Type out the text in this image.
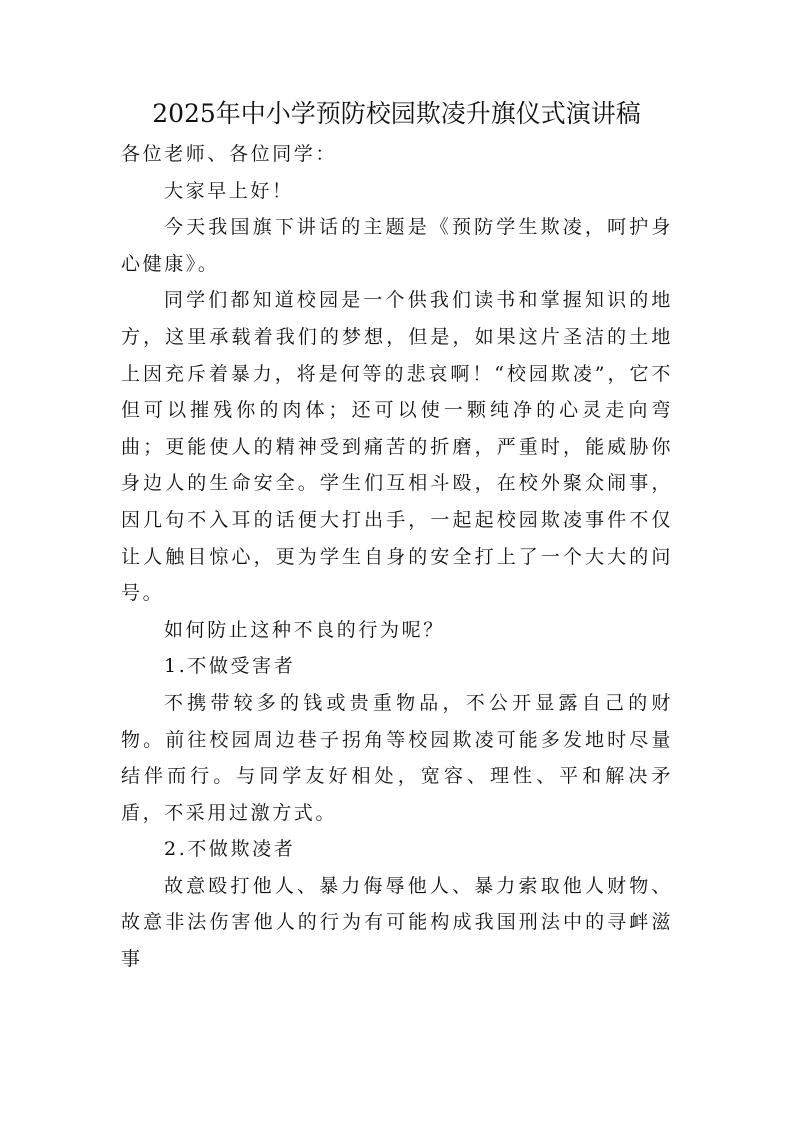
2025年中小学预防校园欺凌升旗仪式演讲稿

各位老师、各位同学：

大家早上好！

今天我国旗下讲话的主题是《预防学生欺凌，呵护身心健康》。

同学们都知道校园是一个供我们读书和掌握知识的地方，这里承载着我们的梦想，但是，如果这片圣洁的土地上因充斥着暴力，将是何等的悲哀啊！“校园欺凌”，它不但可以摧残你的肉体；还可以使一颗纯净的心灵走向弯曲；更能使人的精神受到痛苦的折磨，严重时，能威胁你身边人的生命安全。学生们互相斗殴，在校外聚众闹事，因几句不入耳的话便大打出手，一起起校园欺凌事件不仅让人触目惊心，更为学生自身的安全打上了一个大大的问号。

如何防止这种不良的行为呢？

1.不做受害者

不携带较多的钱或贵重物品，不公开显露自己的财物。前往校园周边巷子拐角等校园欺凌可能多发地时尽量结伴而行。与同学友好相处，宽容、理性、平和解决矛盾，不采用过激方式。

2.不做欺凌者

故意殴打他人、暴力侮辱他人、暴力索取他人财物、故意非法伤害他人的行为有可能构成我国刑法中的寻衅滋事
